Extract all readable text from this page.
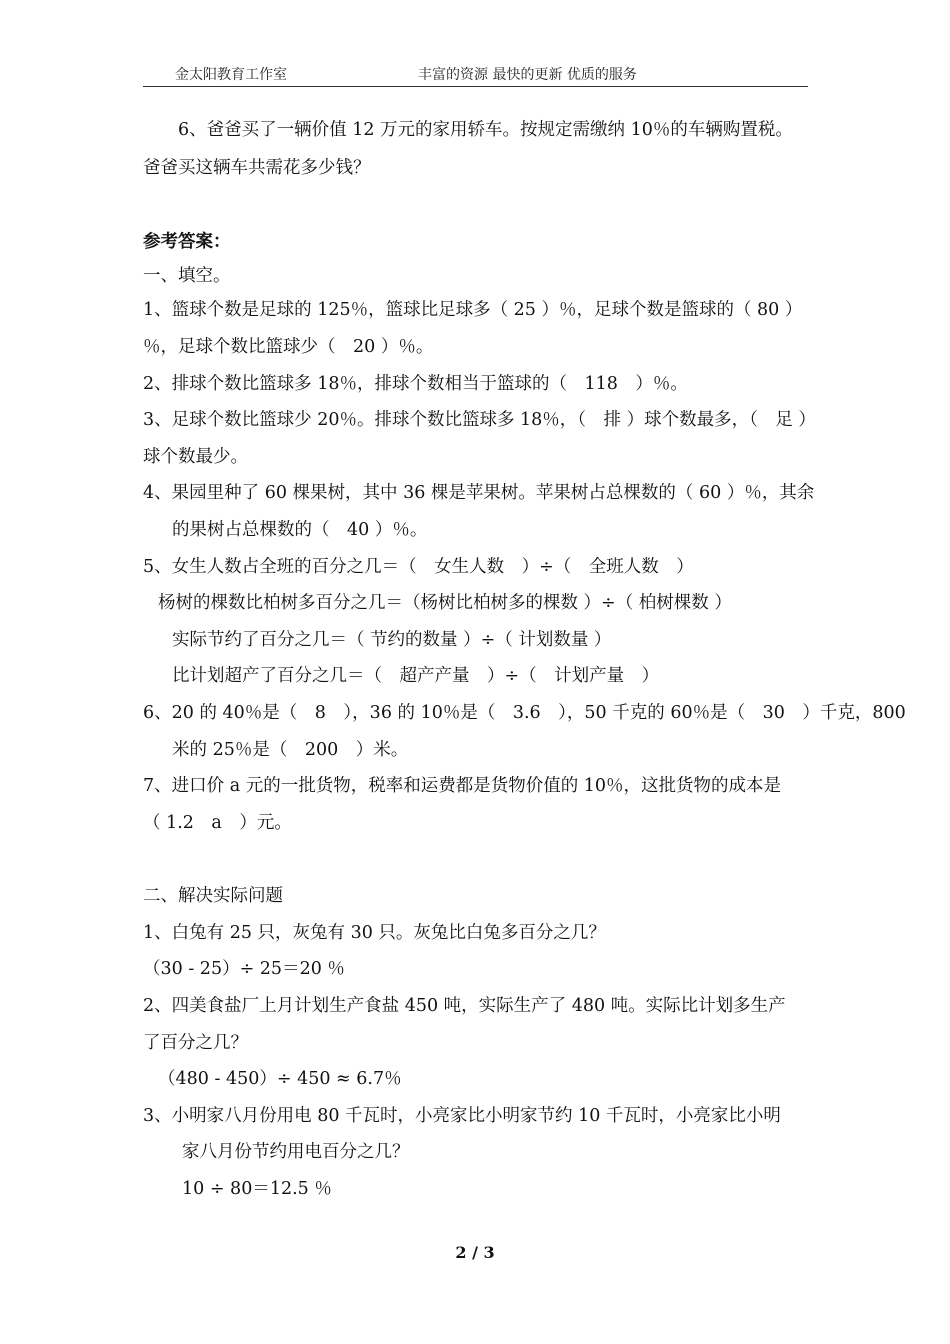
金太阳教育工作室	丰富的资源 最快的更新 优质的服务
6、爸爸买了一辆价值 12 万元的家用轿车。按规定需缴纳 10％的车辆购置税。
爸爸买这辆车共需花多少钱？
参考答案：
一、填空。
1、篮球个数是足球的 125％，篮球比足球多（ 25 ）％，足球个数是篮球的（ 80 ）
％，足球个数比篮球少（　20 ）％。
2、排球个数比篮球多 18％，排球个数相当于篮球的（　118　）％。
3、足球个数比篮球少 20％。排球个数比篮球多 18％，（　排 ）球个数最多，（　足 ）
球个数最少。
4、果园里种了 60 棵果树，其中 36 棵是苹果树。苹果树占总棵数的（ 60 ）％，其余
的果树占总棵数的（　40 ）％。
5、女生人数占全班的百分之几＝（　女生人数　）÷（　全班人数　）
杨树的棵数比柏树多百分之几＝（杨树比柏树多的棵数 ）÷（ 柏树棵数 ）
实际节约了百分之几＝（ 节约的数量 ）÷（ 计划数量 ）
比计划超产了百分之几＝（　超产产量　）÷（　计划产量　）
6、20 的 40％是（　8　），36 的 10％是（　3.6　），50 千克的 60％是（　30　）千克，800
米的 25％是（　200　）米。
7、进口价 a 元的一批货物，税率和运费都是货物价值的 10％，这批货物的成本是
（ 1.2　a　）元。
二、解决实际问题
1、白兔有 25 只，灰兔有 30 只。灰兔比白兔多百分之几？
（30 - 25）÷ 25＝20 ％
2、四美食盐厂上月计划生产食盐 450 吨，实际生产了 480 吨。实际比计划多生产
了百分之几？
（480 - 450）÷ 450 ≈ 6.7％
3、小明家八月份用电 80 千瓦时，小亮家比小明家节约 10 千瓦时，小亮家比小明
家八月份节约用电百分之几？
10 ÷ 80＝12.5 ％
2 / 3
